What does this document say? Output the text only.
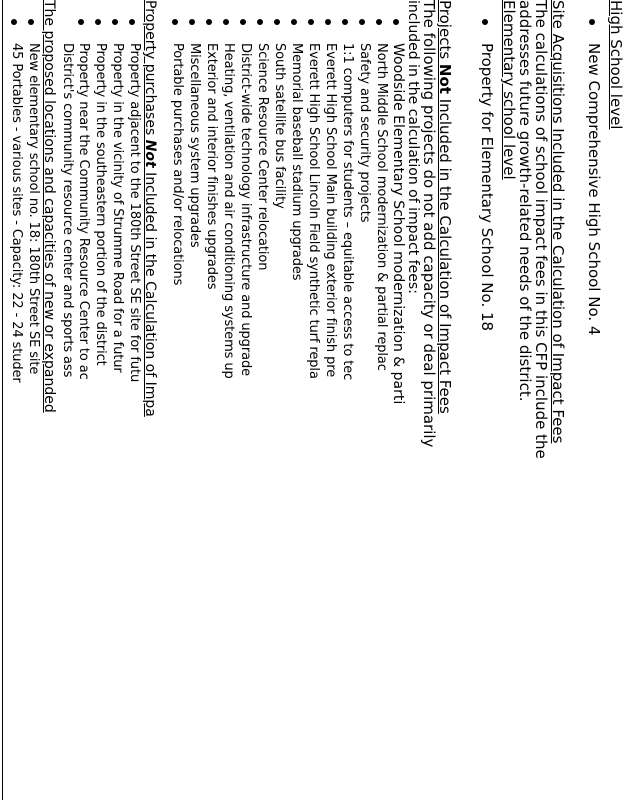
High School level
New Comprehensive High School No. 4
Site Acquisitions Included in the Calculation of Impact Fees
The calculations of school impact fees in this CFP include the
addresses future growth-related needs of the district.
Elementary school level
Property for Elementary School No. 18
Projects Not Included in the Calculation of Impact Fees
The following projects do not add capacity or deal primarily
included in the calculation of impact fees:
Woodside Elementary School modernization & parti
North Middle School modernization & partial replac
Safety and security projects
1:1 computers for students – equitable access to tec
Everett High School Main building exterior finish pre
Everett High School Lincoln Field synthetic turf repla
Memorial baseball stadium upgrades
South satellite bus facility
Science Resource Center relocation
District-wide technology infrastructure and upgrade
Heating, ventilation and air conditioning systems up
Exterior and interior finishes upgrades
Miscellaneous system upgrades
Portable purchases and/or relocations
Property purchases Not Included in the Calculation of Impa
Property adjacent to the 180th Street SE site for futu
Property in the vicinity of Strumme Road for a futur
Property in the southeastern portion of the district
Property near the Community Resource Center to ac
District's community resource center and sports ass
The proposed locations and capacities of new or expanded
New elementary school no. 18: 180th Street SE site
45 Portables - various sites - Capacity: 22 - 24 studer
